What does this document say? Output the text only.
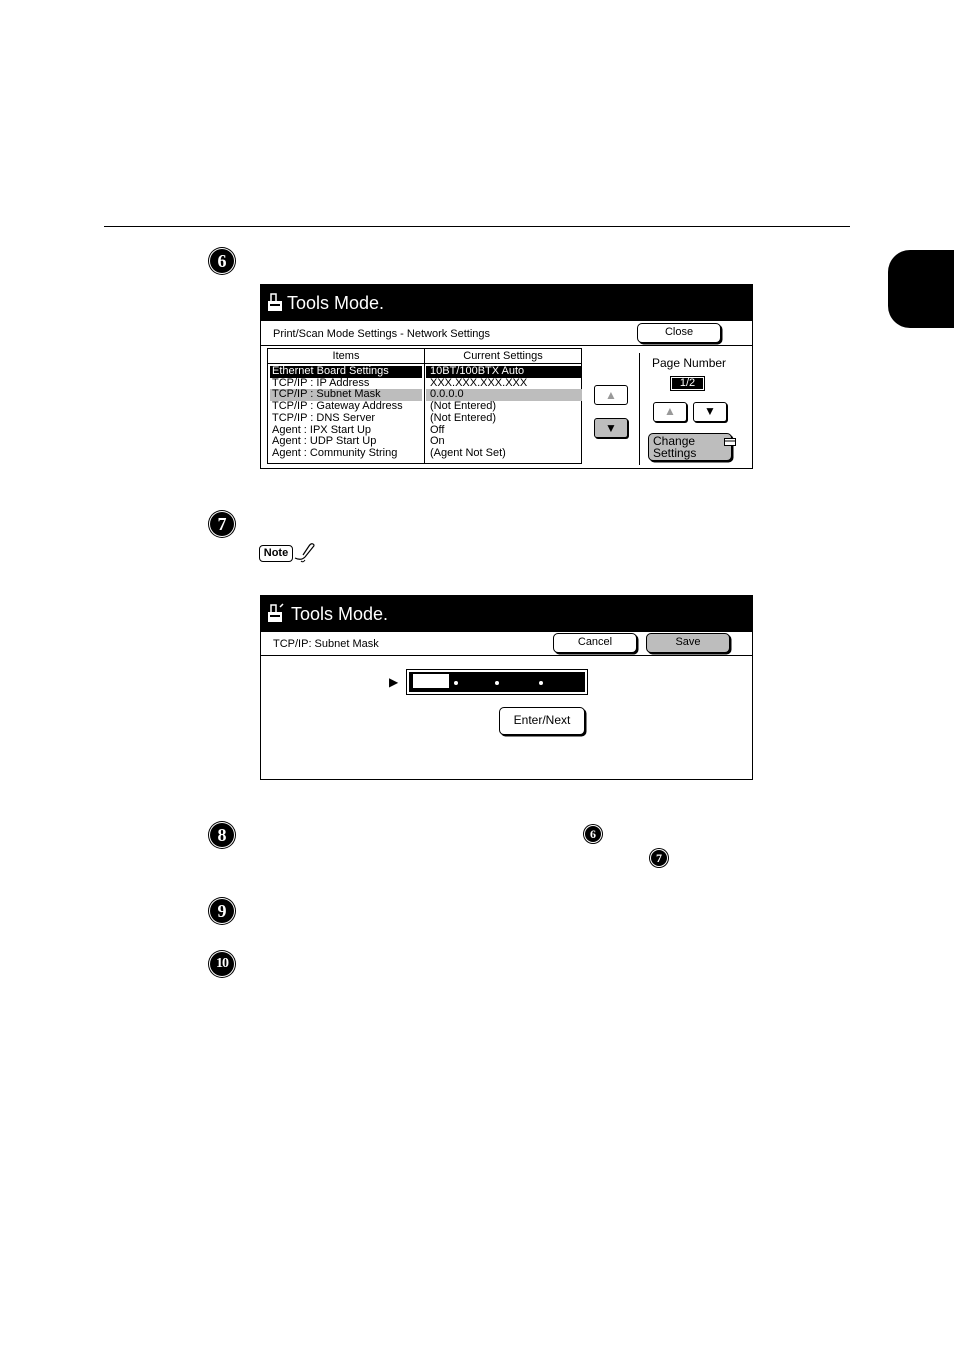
6
Tools Mode.
Print/Scan Mode Settings - Network Settings	Close
Items	Current Settings
Ethernet Board Settings	10BT/100BTX Auto
TCP/IP : IP Address	XXX.XXX.XXX.XXX
TCP/IP : Subnet Mask	0.0.0.0
TCP/IP : Gateway Address	(Not Entered)
TCP/IP : DNS Server	(Not Entered)
Agent : IPX Start Up	Off
Agent : UDP Start Up	On
Agent : Community String	(Agent Not Set)
▲
▼
Page Number
1/2
▲	▼
Change
Settings
7
Note
Tools Mode.
TCP/IP: Subnet Mask	Cancel	Save
▶
Enter/Next
8	6
7
9
10
